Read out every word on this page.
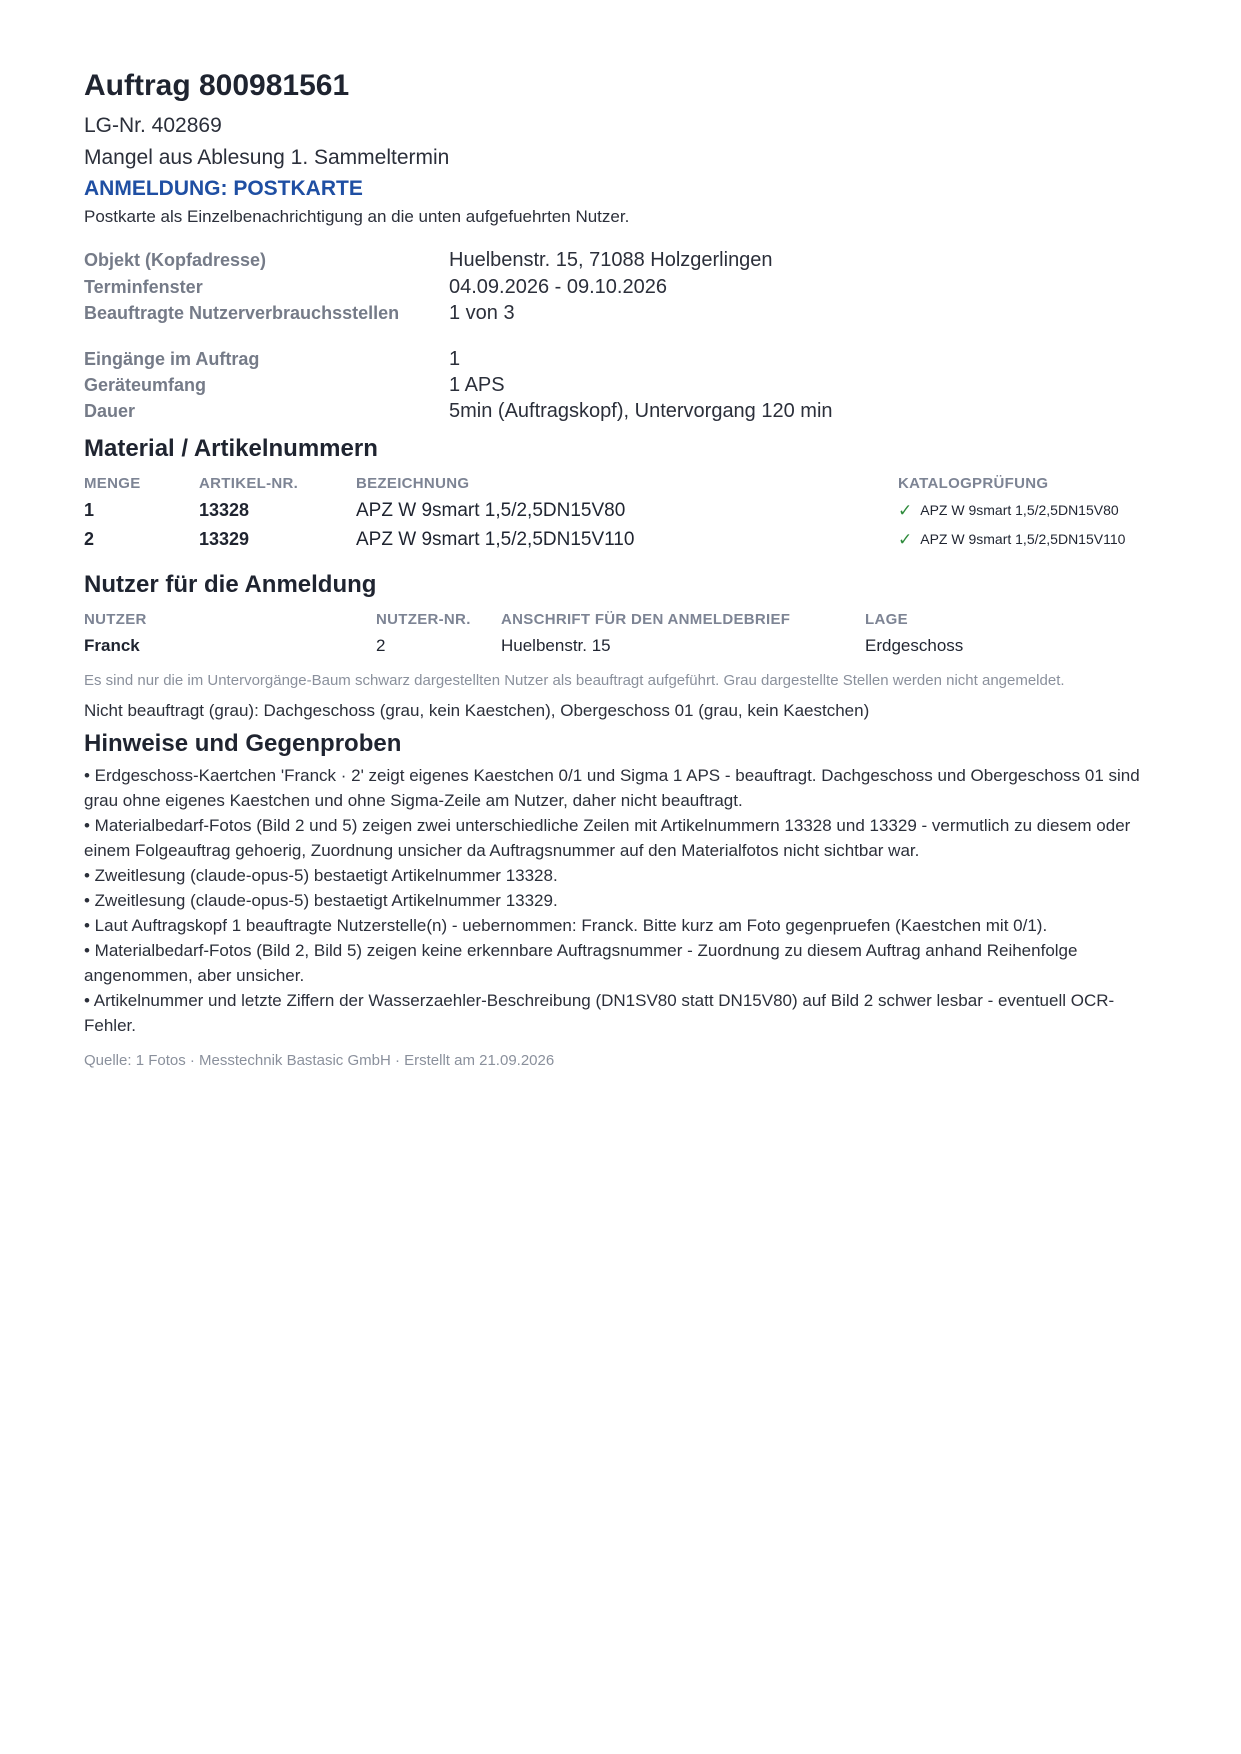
Auftrag 800981561
LG-Nr. 402869
Mangel aus Ablesung 1. Sammeltermin
ANMELDUNG: POSTKARTE
Postkarte als Einzelbenachrichtigung an die unten aufgefuehrten Nutzer.
Objekt (Kopfadresse)	Huelbenstr. 15, 71088 Holzgerlingen
Terminfenster	04.09.2026 - 09.10.2026
Beauftragte Nutzerverbrauchsstellen	1 von 3
Eingänge im Auftrag	1
Geräteumfang	1 APS
Dauer	5min (Auftragskopf), Untervorgang 120 min
Material / Artikelnummern
MENGE	ARTIKEL-NR.	BEZEICHNUNG	KATALOGPRÜFUNG
1	13328	APZ W 9smart 1,5/2,5DN15V80	✓ APZ W 9smart 1,5/2,5DN15V80
2	13329	APZ W 9smart 1,5/2,5DN15V110	✓ APZ W 9smart 1,5/2,5DN15V110
Nutzer für die Anmeldung
NUTZER	NUTZER-NR.	ANSCHRIFT FÜR DEN ANMELDEBRIEF	LAGE
Franck	2	Huelbenstr. 15	Erdgeschoss
Es sind nur die im Untervorgänge-Baum schwarz dargestellten Nutzer als beauftragt aufgeführt. Grau dargestellte Stellen werden nicht angemeldet.
Nicht beauftragt (grau): Dachgeschoss (grau, kein Kaestchen), Obergeschoss 01 (grau, kein Kaestchen)
Hinweise und Gegenproben

• Erdgeschoss-Kaertchen 'Franck · 2' zeigt eigenes Kaestchen 0/1 und Sigma 1 APS - beauftragt. Dachgeschoss und Obergeschoss 01 sind grau ohne eigenes Kaestchen und ohne Sigma-Zeile am Nutzer, daher nicht beauftragt.

• Materialbedarf-Fotos (Bild 2 und 5) zeigen zwei unterschiedliche Zeilen mit Artikelnummern 13328 und 13329 - vermutlich zu diesem oder einem Folgeauftrag gehoerig, Zuordnung unsicher da Auftragsnummer auf den Materialfotos nicht sichtbar war.

• Zweitlesung (claude-opus-5) bestaetigt Artikelnummer 13328.

• Zweitlesung (claude-opus-5) bestaetigt Artikelnummer 13329.

• Laut Auftragskopf 1 beauftragte Nutzerstelle(n) - uebernommen: Franck. Bitte kurz am Foto gegenpruefen (Kaestchen mit 0/1).

• Materialbedarf-Fotos (Bild 2, Bild 5) zeigen keine erkennbare Auftragsnummer - Zuordnung zu diesem Auftrag anhand Reihenfolge angenommen, aber unsicher.

• Artikelnummer und letzte Ziffern der Wasserzaehler-Beschreibung (DN1SV80 statt DN15V80) auf Bild 2 schwer lesbar - eventuell OCR-Fehler.

Quelle: 1 Fotos · Messtechnik Bastasic GmbH · Erstellt am 21.09.2026
